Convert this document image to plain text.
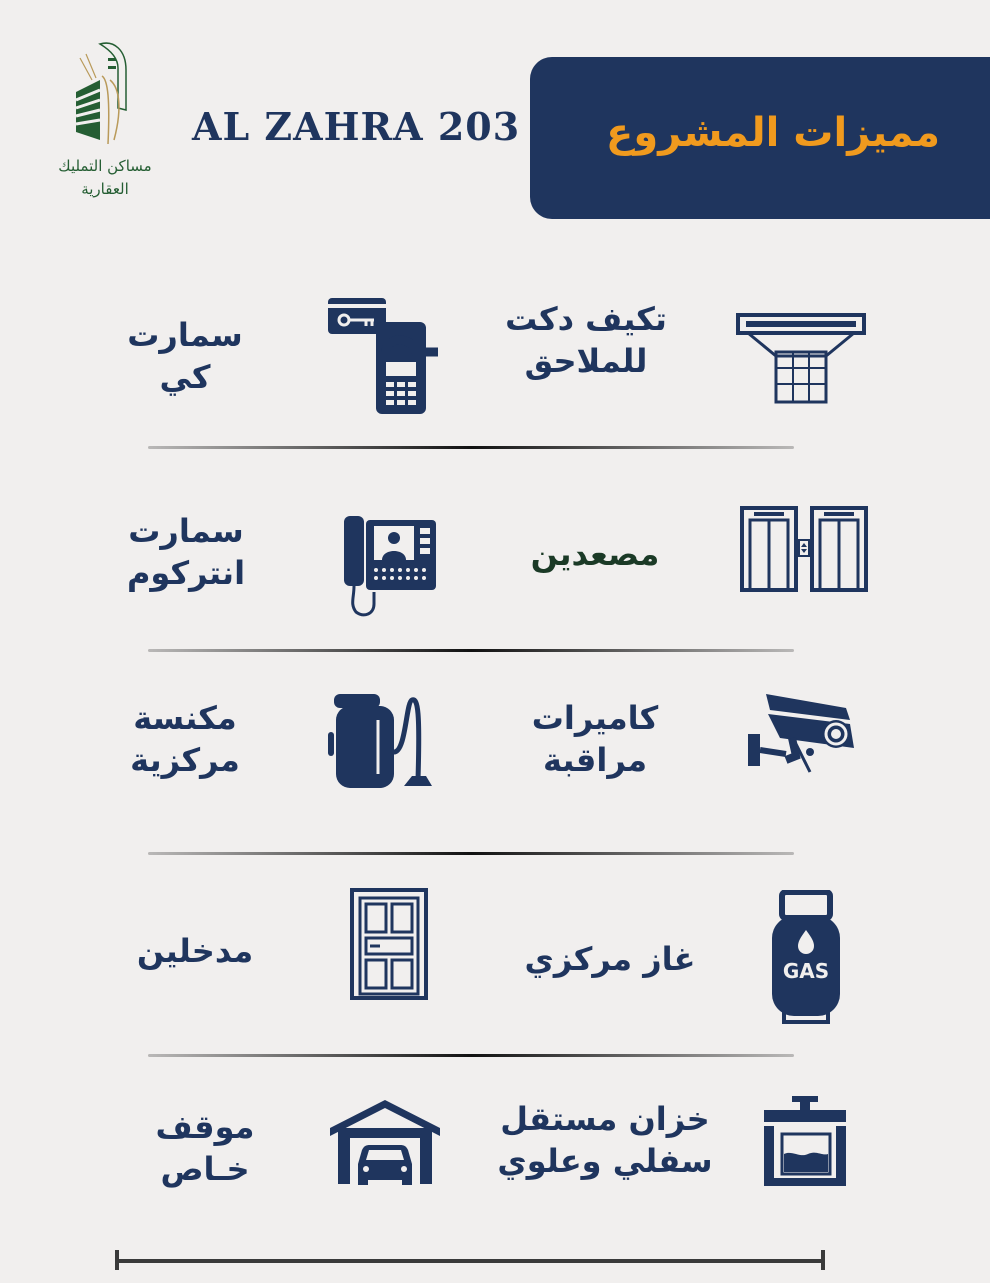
مميزات المشروع
AL ZAHRA 203
مساكن التمليك
العقارية
تكيف دكت
للملاحق
سمارت
كي
مصعدين
سمارت
انتركوم
كاميرات
مراقبة
مكنسة
مركزية
GAS
غاز مركزي
مدخلين
خزان مستقل
سفلي وعلوي
موقف
خـاص
